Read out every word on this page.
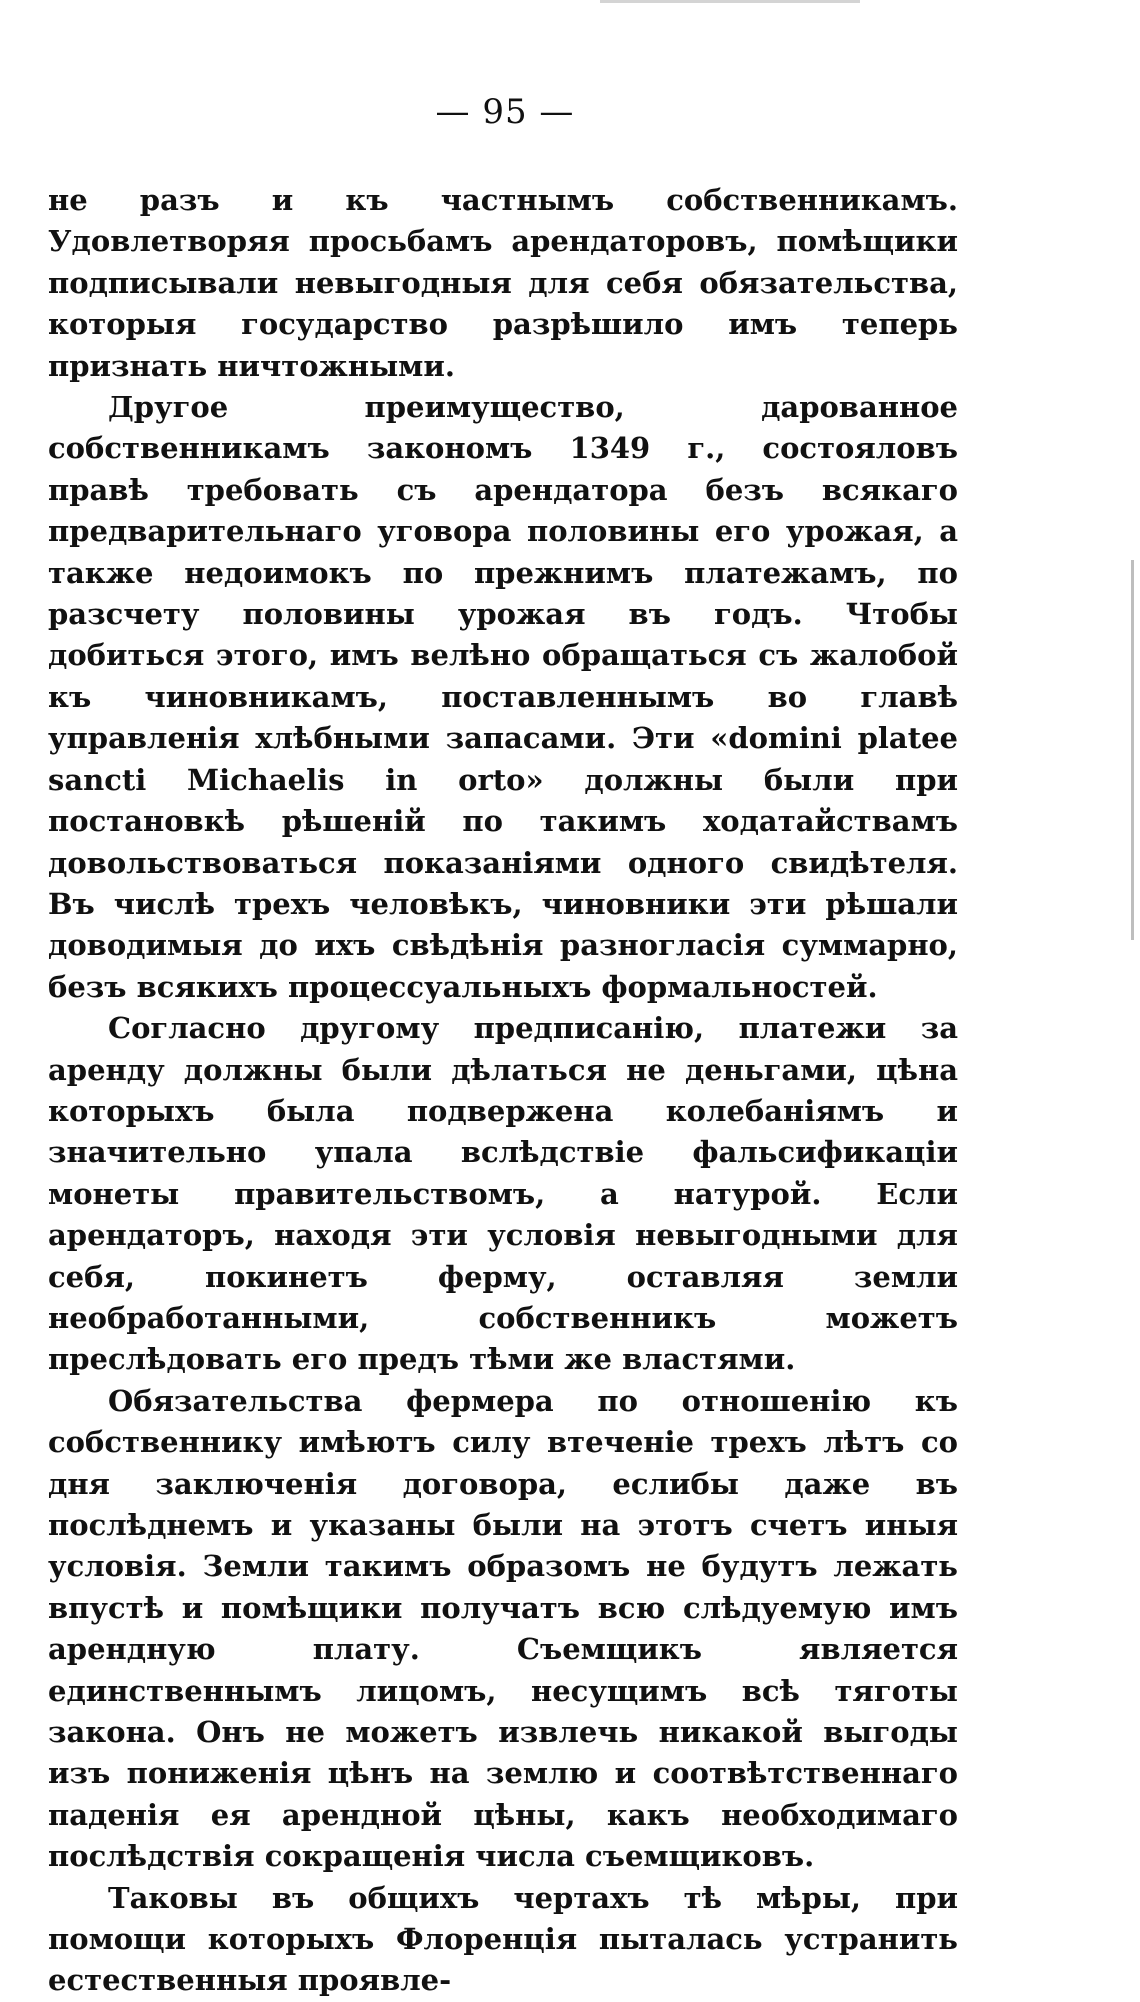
— 95 —

не разъ и къ частнымъ собственникамъ. Удовлетворяя просьбамъ арендаторовъ, помѣщики подписывали невыгодныя для себя обязательства, которыя государство разрѣшило имъ теперь признать ничтожными.

Другое преимущество, дарованное собственникамъ закономъ 1349 г., состояловъ правѣ требовать съ арендатора безъ всякаго предварительнаго уговора половины его урожая, а также недоимокъ по прежнимъ платежамъ, по разсчету половины урожая въ годъ. Чтобы добиться этого, имъ велѣно обращаться съ жалобой къ чиновникамъ, поставленнымъ во главѣ управленія хлѣбными запасами. Эти «domini platee sancti Michaelis in orto» должны были при постановкѣ рѣшеній по такимъ ходатайствамъ довольствоваться показаніями одного свидѣтеля. Въ числѣ трехъ человѣкъ, чиновники эти рѣшали доводимыя до ихъ свѣдѣнія разногласія суммарно, безъ всякихъ процессуальныхъ формальностей.

Согласно другому предписанію, платежи за аренду должны были дѣлаться не деньгами, цѣна которыхъ была подвержена колебаніямъ и значительно упала вслѣдствіе фальсификаціи монеты правительствомъ, а натурой. Если арендаторъ, находя эти условія невыгодными для себя, покинетъ ферму, оставляя земли необработанными, собственникъ можетъ преслѣдовать его предъ тѣми же властями.

Обязательства фермера по отношенію къ собственнику имѣютъ силу втеченіе трехъ лѣтъ со дня заключенія договора, еслибы даже въ послѣднемъ и указаны были на этотъ счетъ иныя условія. Земли такимъ образомъ не будутъ лежать впустѣ и помѣщики получатъ всю слѣдуемую имъ арендную плату. Съемщикъ является единственнымъ лицомъ, несущимъ всѣ тяготы закона. Онъ не можетъ извлечь никакой выгоды изъ пониженія цѣнъ на землю и соотвѣтственнаго паденія ея арендной цѣны, какъ необходимаго послѣдствія сокращенія числа съемщиковъ.

Таковы въ общихъ чертахъ тѣ мѣры, при помощи которыхъ Флоренція пыталась устранить естественныя проявле-
